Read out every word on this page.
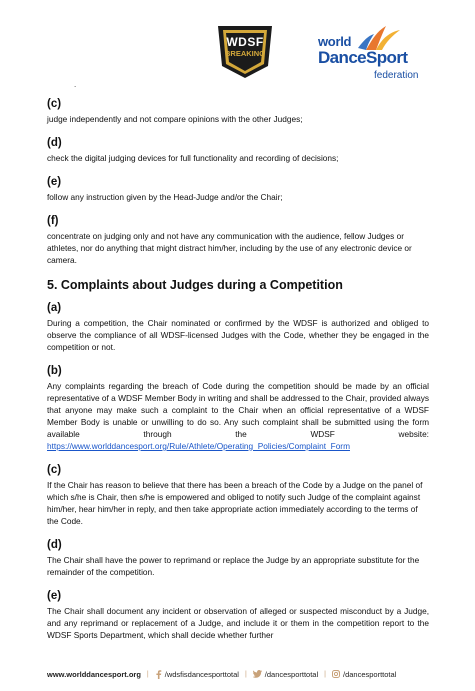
WDSF
BREAKING
world
DanceSport
federation
.
(c)
judge independently and not compare opinions with the other Judges;
(d)
check the digital judging devices for full functionality and recording of decisions;
(e)
follow any instruction given by the Head-Judge and/or the Chair;
(f)
concentrate on judging only and not have any communication with the audience, fellow Judges or athletes, nor do anything that might distract him/her, including by the use of any electronic device or camera.
5. Complaints about Judges during a Competition
(a)
During a competition, the Chair nominated or confirmed by the WDSF is authorized and obliged to observe the compliance of all WDSF-licensed Judges with the Code, whether they be engaged in the competition or not.
(b)
Any complaints regarding the breach of Code during the competition should be made by an official representative of a WDSF Member Body in writing and shall be addressed to the Chair, provided always that anyone may make such a complaint to the Chair when an official representative of a WDSF Member Body is unable or unwilling to do so. Any such complaint shall be submitted using the form available through the WDSF website: https://www.worlddancesport.org/Rule/Athlete/Operating_Policies/Complaint_Form
(c)
If the Chair has reason to believe that there has been a breach of the Code by a Judge on the panel of which s/he is Chair, then s/he is empowered and obliged to notify such Judge of the complaint against him/her, hear him/her in reply, and then take appropriate action immediately according to the terms of the Code.
(d)
The Chair shall have the power to reprimand or replace the Judge by an appropriate substitute for the remainder of the competition.
(e)
The Chair shall document any incident or observation of alleged or suspected misconduct by a Judge, and any reprimand or replacement of a Judge, and include it or them in the competition report to the WDSF Sports Department, which shall decide whether further
www.worlddancesport.org | /wdsfisdancesporttotal | /dancesporttotal | /dancesporttotal
